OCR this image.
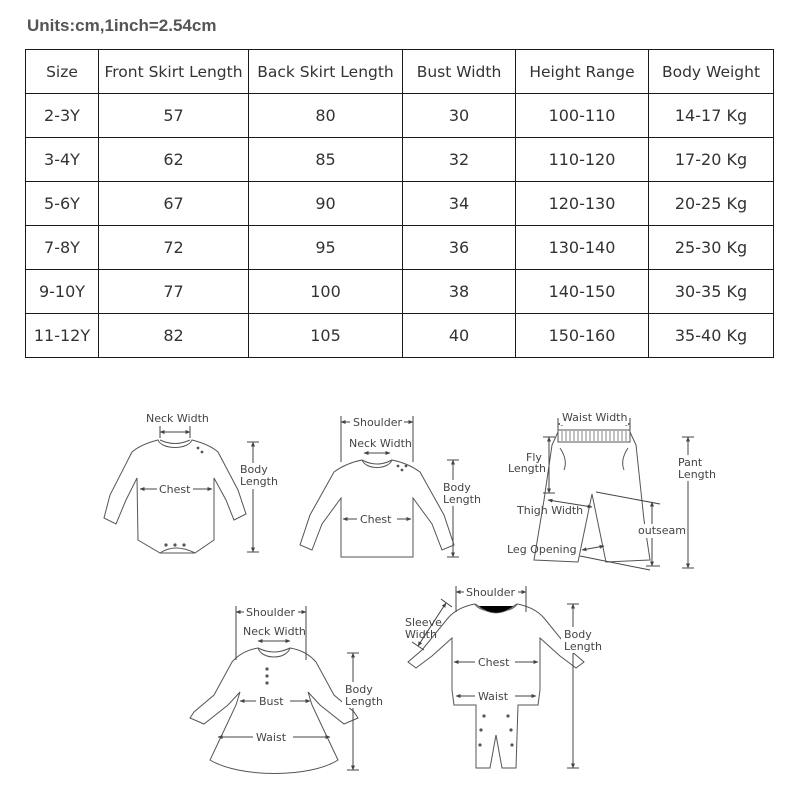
Units:cm,1inch=2.54cm
Size	Front Skirt Length	Back Skirt Length	Bust Width	Height Range	Body Weight
2-3Y	57	80	30	100-110	14-17 Kg
3-4Y	62	85	32	110-120	17-20 Kg
5-6Y	67	90	34	120-130	20-25 Kg
7-8Y	72	95	36	130-140	25-30 Kg
9-10Y	77	100	38	140-150	30-35 Kg
11-12Y	82	105	40	150-160	35-40 Kg
Neck Width
Chest
Body
Length
Shoulder
Neck Width
Chest
Body
Length
Waist Width
Fly
Length	Pant
Length
Thigh Width
outseam
Leg Opening
Shoulder
Neck Width
Bust
Waist
Body
Length
Shoulder
Sleeve
Width
Chest
Waist
Body
Length
